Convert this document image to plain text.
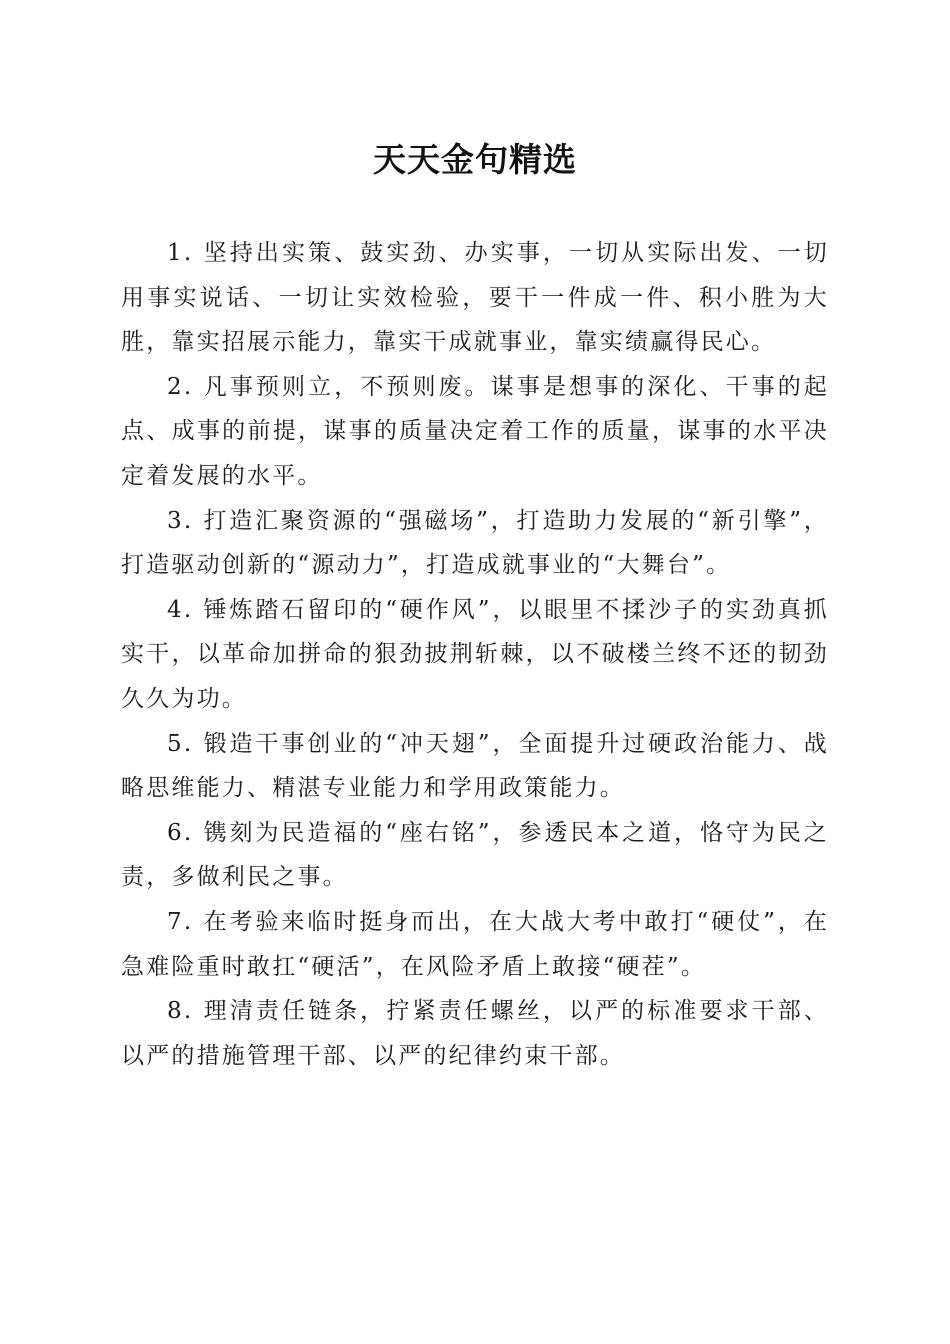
天天金句精选

1. 坚持出实策、鼓实劲、办实事，一切从实际出发、一切用事实说话、一切让实效检验，要干一件成一件、积小胜为大胜，靠实招展示能力，靠实干成就事业，靠实绩赢得民心。

2. 凡事预则立，不预则废。谋事是想事的深化、干事的起点、成事的前提，谋事的质量决定着工作的质量，谋事的水平决定着发展的水平。

3. 打造汇聚资源的“强磁场”，打造助力发展的“新引擎”，打造驱动创新的“源动力”，打造成就事业的“大舞台”。

4. 锤炼踏石留印的“硬作风”，以眼里不揉沙子的实劲真抓实干，以革命加拼命的狠劲披荆斩棘，以不破楼兰终不还的韧劲久久为功。

5. 锻造干事创业的“冲天翅”，全面提升过硬政治能力、战略思维能力、精湛专业能力和学用政策能力。

6. 镌刻为民造福的“座右铭”，参透民本之道，恪守为民之责，多做利民之事。

7. 在考验来临时挺身而出，在大战大考中敢打“硬仗”，在急难险重时敢扛“硬活”，在风险矛盾上敢接“硬茬”。

8. 理清责任链条，拧紧责任螺丝，以严的标准要求干部、以严的措施管理干部、以严的纪律约束干部。
